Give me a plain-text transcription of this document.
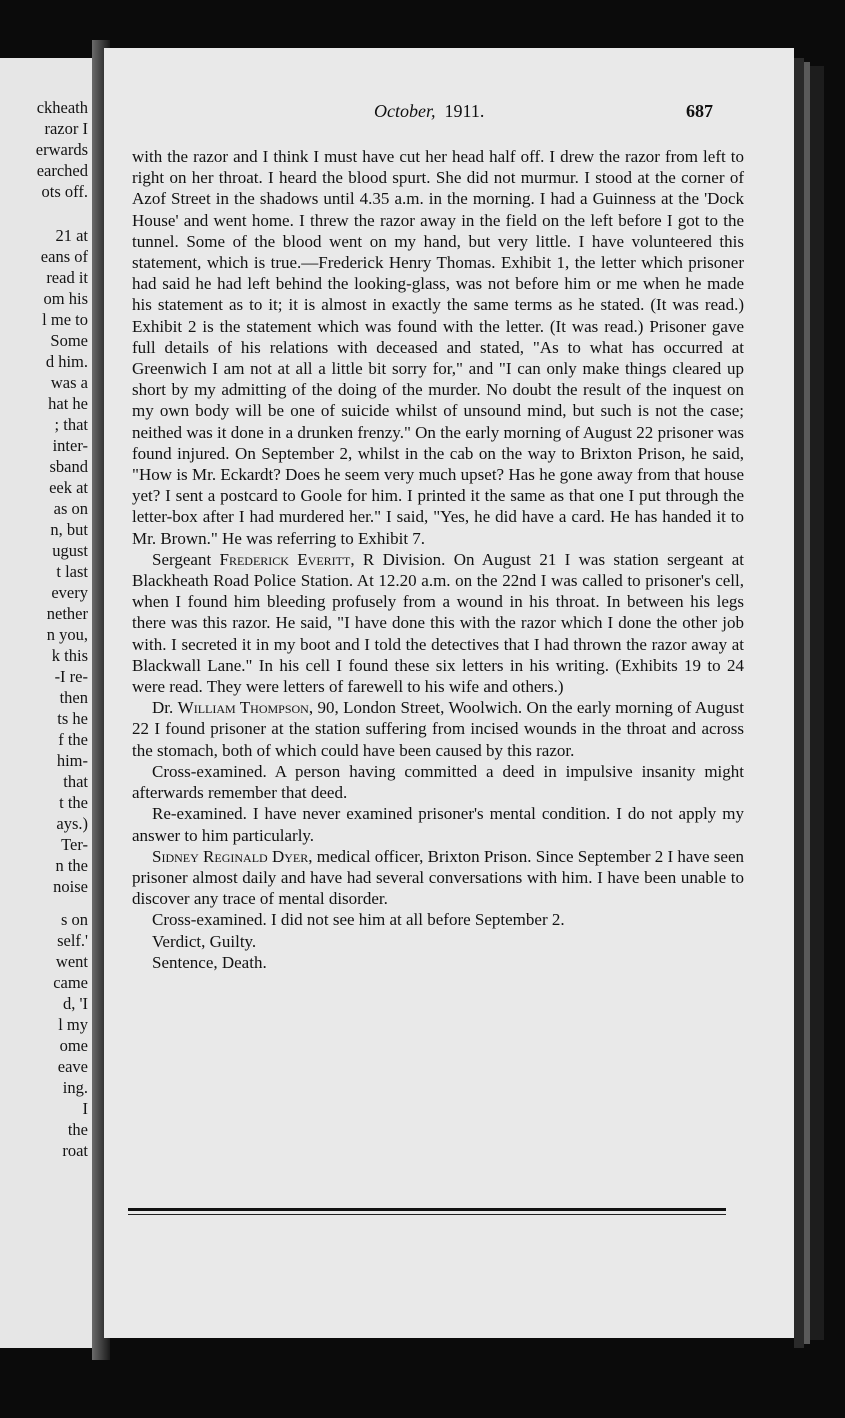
ckheath

razor I

erwards

earched

ots off.

21 at

eans of

read it

om his

l me to

Some

d him.

was a

hat he

; that

inter-

sband

eek at

as on

n, but

ugust

t last

every

nether

n you,

k this

-I re-

then

ts he

f the

him-

that

t the

ays.)

Ter-

n the

noise

s on

self.'

went

came

d, 'I

l my

ome

eave

ing.

I

the

roat

October, 1911.	687

with the razor and I think I must have cut her head half off. I drew the razor from left to right on her throat. I heard the blood spurt. She did not murmur. I stood at the corner of Azof Street in the shadows until 4.35 a.m. in the morning. I had a Guinness at the 'Dock House' and went home. I threw the razor away in the field on the left before I got to the tunnel. Some of the blood went on my hand, but very little. I have volunteered this statement, which is true.—Frederick Henry Thomas. Exhibit 1, the letter which prisoner had said he had left behind the looking-glass, was not before him or me when he made his statement as to it; it is almost in exactly the same terms as he stated. (It was read.) Exhibit 2 is the statement which was found with the letter. (It was read.) Prisoner gave full details of his relations with deceased and stated, "As to what has occurred at Greenwich I am not at all a little bit sorry for," and "I can only make things cleared up short by my admitting of the doing of the murder. No doubt the result of the inquest on my own body will be one of suicide whilst of unsound mind, but such is not the case; neithed was it done in a drunken frenzy." On the early morning of August 22 prisoner was found injured. On September 2, whilst in the cab on the way to Brixton Prison, he said, "How is Mr. Eckardt? Does he seem very much upset? Has he gone away from that house yet? I sent a postcard to Goole for him. I printed it the same as that one I put through the letter-box after I had murdered her." I said, "Yes, he did have a card. He has handed it to Mr. Brown." He was referring to Exhibit 7.

Sergeant Frederick Everitt, R Division. On August 21 I was station sergeant at Blackheath Road Police Station. At 12.20 a.m. on the 22nd I was called to prisoner's cell, when I found him bleeding profusely from a wound in his throat. In between his legs there was this razor. He said, "I have done this with the razor which I done the other job with. I secreted it in my boot and I told the detectives that I had thrown the razor away at Blackwall Lane." In his cell I found these six letters in his writing. (Exhibits 19 to 24 were read. They were letters of farewell to his wife and others.)

Dr. William Thompson, 90, London Street, Woolwich. On the early morning of August 22 I found prisoner at the station suffering from incised wounds in the throat and across the stomach, both of which could have been caused by this razor.

Cross-examined. A person having committed a deed in impulsive insanity might afterwards remember that deed.

Re-examined. I have never examined prisoner's mental condition. I do not apply my answer to him particularly.

Sidney Reginald Dyer, medical officer, Brixton Prison. Since September 2 I have seen prisoner almost daily and have had several conversations with him. I have been unable to discover any trace of mental disorder.

Cross-examined. I did not see him at all before September 2.

Verdict, Guilty.

Sentence, Death.
